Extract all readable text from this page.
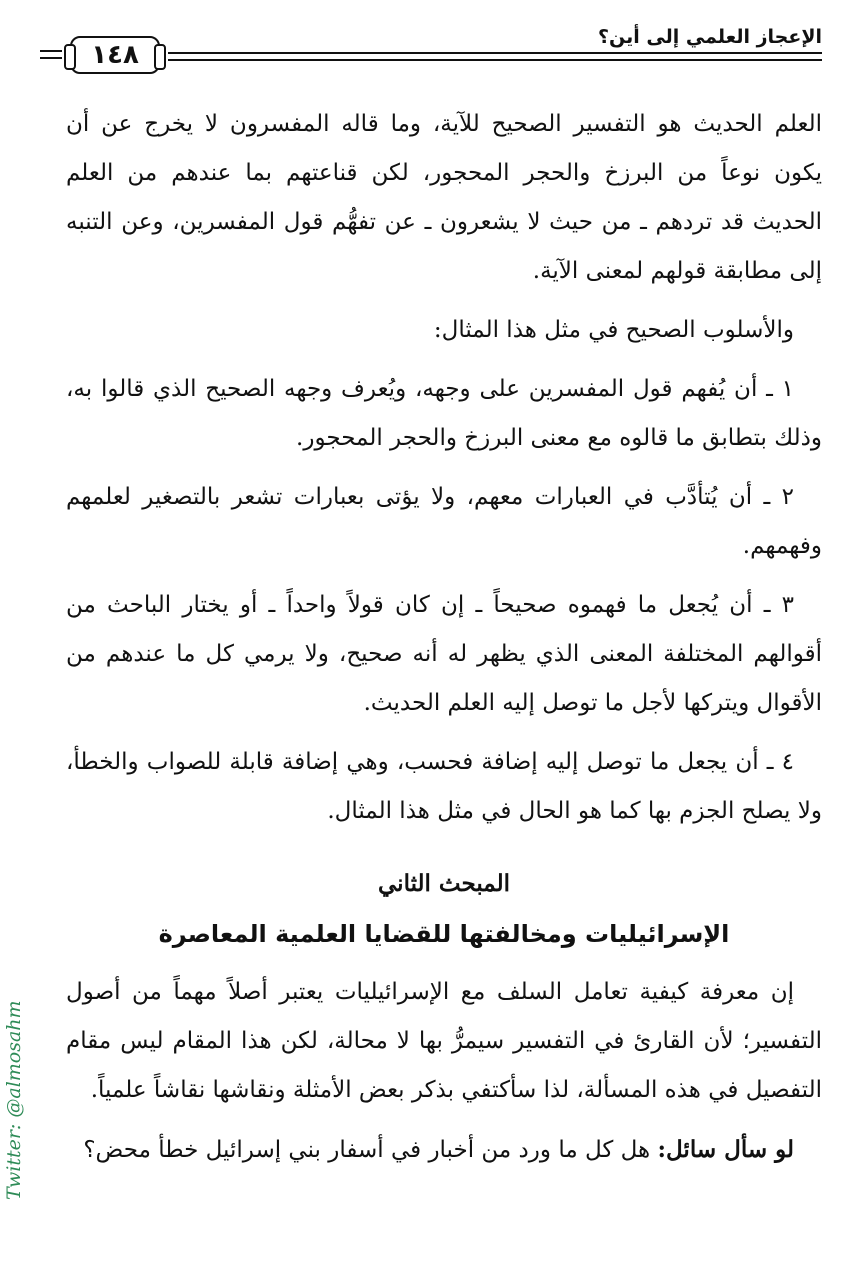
١٤٨
الإعجاز العلمي إلى أين؟

العلم الحديث هو التفسير الصحيح للآية، وما قاله المفسرون لا يخرج عن أن يكون نوعاً من البرزخ والحجر المحجور، لكن قناعتهم بما عندهم من العلم الحديث قد تردهم ـ من حيث لا يشعرون ـ عن تفهُّم قول المفسرين، وعن التنبه إلى مطابقة قولهم لمعنى الآية.

والأسلوب الصحيح في مثل هذا المثال:

١ ـ أن يُفهم قول المفسرين على وجهه، ويُعرف وجهه الصحيح الذي قالوا به، وذلك بتطابق ما قالوه مع معنى البرزخ والحجر المحجور.

٢ ـ أن يُتأدَّب في العبارات معهم، ولا يؤتى بعبارات تشعر بالتصغير لعلمهم وفهمهم.

٣ ـ أن يُجعل ما فهموه صحيحاً ـ إن كان قولاً واحداً ـ أو يختار الباحث من أقوالهم المختلفة المعنى الذي يظهر له أنه صحيح، ولا يرمي كل ما عندهم من الأقوال ويتركها لأجل ما توصل إليه العلم الحديث.

٤ ـ أن يجعل ما توصل إليه إضافة فحسب، وهي إضافة قابلة للصواب والخطأ، ولا يصلح الجزم بها كما هو الحال في مثل هذا المثال.

المبحث الثاني
الإسرائيليات ومخالفتها للقضايا العلمية المعاصرة

إن معرفة كيفية تعامل السلف مع الإسرائيليات يعتبر أصلاً مهماً من أصول التفسير؛ لأن القارئ في التفسير سيمرُّ بها لا محالة، لكن هذا المقام ليس مقام التفصيل في هذه المسألة، لذا سأكتفي بذكر بعض الأمثلة ونقاشها نقاشاً علمياً.

لو سأل سائل: هل كل ما ورد من أخبار في أسفار بني إسرائيل خطأ محض؟

Twitter: @almosahm
